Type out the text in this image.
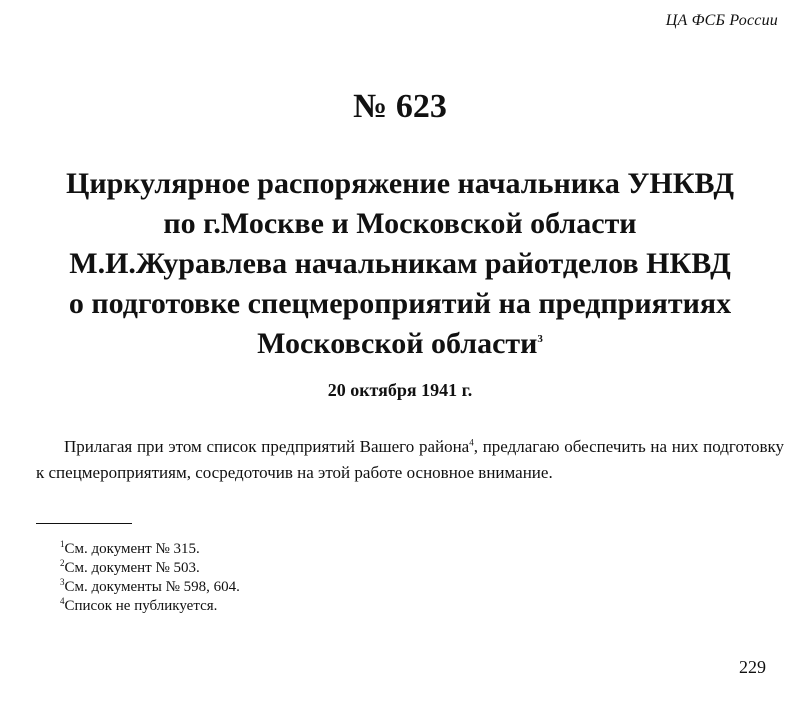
ЦА ФСБ России
№ 623
Циркулярное распоряжение начальника УНКВД по г.Москве и Московской области М.И.Журавлева начальникам райотделов НКВД о подготовке спецмероприятий на предприятиях Московской области$^3$
20 октября 1941 г.
Прилагая при этом список предприятий Вашего района$^4$, предлагаю обеспечить на них подготовку к спецмероприятиям, сосредоточив на этой работе основное внимание.
$^1$См. документ № 315.
$^2$См. документ № 503.
$^3$См. документы № 598, 604.
$^4$Список не публикуется.
229
